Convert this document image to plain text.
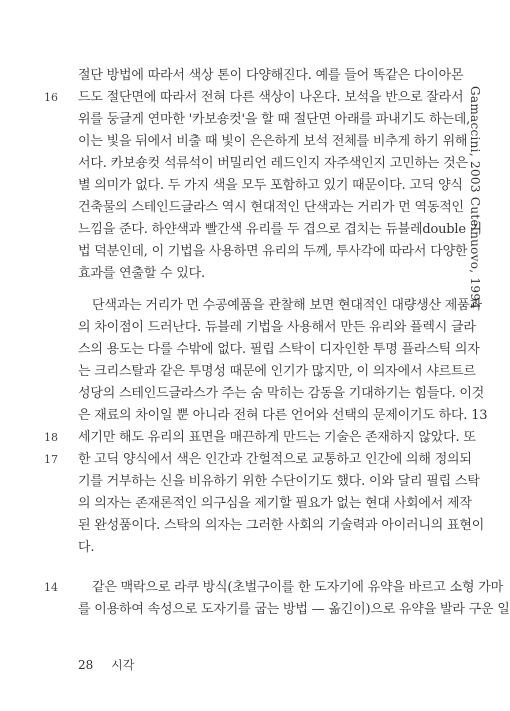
Gamaccini, 2003 Cutelnuovo, 1994
16
18
17
14
절단 방법에 따라서 색상 톤이 다양해진다. 예를 들어 똑같은 다이아몬
드도 절단면에 따라서 전혀 다른 색상이 나온다. 보석을 반으로 잘라서
위를 둥글게 연마한 '카보숑컷'을 할 때 절단면 아래를 파내기도 하는데,
이는 빛을 뒤에서 비출 때 빛이 은은하게 보석 전체를 비추게 하기 위해
서다. 카보숑컷 석류석이 버밀리언 레드인지 자주색인지 고민하는 것은
별 의미가 없다. 두 가지 색을 모두 포함하고 있기 때문이다. 고딕 양식
건축물의 스테인드글라스 역시 현대적인 단색과는 거리가 먼 역동적인
느낌을 준다. 하얀색과 빨간색 유리를 두 겹으로 겹치는 듀블레double 기
법 덕분인데, 이 기법을 사용하면 유리의 두께, 투사각에 따라서 다양한
효과를 연출할 수 있다.
단색과는 거리가 먼 수공예품을 관찰해 보면 현대적인 대량생산 제품과
의 차이점이 드러난다. 듀블레 기법을 사용해서 만든 유리와 플렉시 글라
스의 용도는 다를 수밖에 없다. 필립 스탁이 디자인한 투명 플라스틱 의자
는 크리스탈과 같은 투명성 때문에 인기가 많지만, 이 의자에서 샤르트르
성당의 스테인드글라스가 주는 숨 막히는 감동을 기대하기는 힘들다. 이것
은 재료의 차이일 뿐 아니라 전혀 다른 언어와 선택의 문제이기도 하다. 13
세기만 해도 유리의 표면을 매끈하게 만드는 기술은 존재하지 않았다. 또
한 고딕 양식에서 색은 인간과 간헐적으로 교통하고 인간에 의해 정의되
기를 거부하는 신을 비유하기 위한 수단이기도 했다. 이와 달리 필립 스탁
의 의자는 존재론적인 의구심을 제기할 필요가 없는 현대 사회에서 제작
된 완성품이다. 스탁의 의자는 그러한 사회의 기술력과 아이러니의 표현이
다.
같은 맥락으로 라쿠 방식(초벌구이를 한 도자기에 유약을 바르고 소형 가마
를 이용하여 속성으로 도자기를 굽는 방법 — 옮긴이)으로 유약을 발라 구운 일
28 시각
